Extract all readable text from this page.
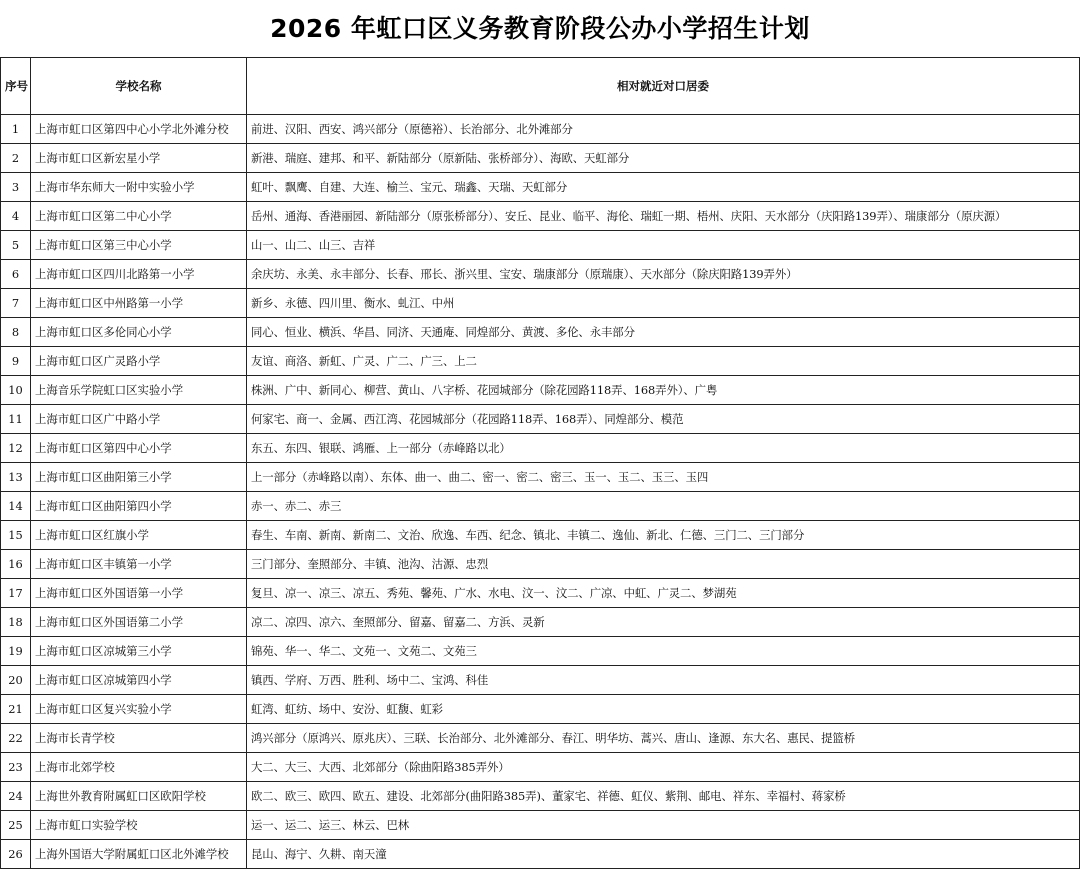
2026 年虹口区义务教育阶段公办小学招生计划
序号	学校名称	相对就近对口居委
1	上海市虹口区第四中心小学北外滩分校	前进、汉阳、西安、鸿兴部分（原德裕）、长治部分、北外滩部分
2	上海市虹口区新宏星小学	新港、瑞庭、建邦、和平、新陆部分（原新陆、张桥部分）、海欧、天虹部分
3	上海市华东师大一附中实验小学	虹叶、飘鹰、自建、大连、榆兰、宝元、瑞鑫、天瑞、天虹部分
4	上海市虹口区第二中心小学	岳州、通海、香港丽园、新陆部分（原张桥部分）、安丘、昆业、临平、海伦、瑞虹一期、梧州、庆阳、天水部分（庆阳路139弄）、瑞康部分（原庆源）
5	上海市虹口区第三中心小学	山一、山二、山三、吉祥
6	上海市虹口区四川北路第一小学	余庆坊、永美、永丰部分、长春、邢长、浙兴里、宝安、瑞康部分（原瑞康）、天水部分（除庆阳路139弄外）
7	上海市虹口区中州路第一小学	新乡、永德、四川里、衡水、虬江、中州
8	上海市虹口区多伦同心小学	同心、恒业、横浜、华昌、同济、天通庵、同煌部分、黄渡、多伦、永丰部分
9	上海市虹口区广灵路小学	友谊、商洛、新虹、广灵、广二、广三、上二
10	上海音乐学院虹口区实验小学	株洲、广中、新同心、柳营、黄山、八字桥、花园城部分（除花园路118弄、168弄外）、广粤
11	上海市虹口区广中路小学	何家宅、商一、金属、西江湾、花园城部分（花园路118弄、168弄）、同煌部分、模范
12	上海市虹口区第四中心小学	东五、东四、银联、鸿雁、上一部分（赤峰路以北）
13	上海市虹口区曲阳第三小学	上一部分（赤峰路以南）、东体、曲一、曲二、密一、密二、密三、玉一、玉二、玉三、玉四
14	上海市虹口区曲阳第四小学	赤一、赤二、赤三
15	上海市虹口区红旗小学	春生、车南、新南、新南二、文治、欣逸、车西、纪念、镇北、丰镇二、逸仙、新北、仁德、三门二、三门部分
16	上海市虹口区丰镇第一小学	三门部分、奎照部分、丰镇、池沟、沽源、忠烈
17	上海市虹口区外国语第一小学	复旦、凉一、凉三、凉五、秀苑、馨苑、广水、水电、汶一、汶二、广凉、中虹、广灵二、梦湖苑
18	上海市虹口区外国语第二小学	凉二、凉四、凉六、奎照部分、留嘉、留嘉二、方浜、灵新
19	上海市虹口区凉城第三小学	锦苑、华一、华二、文苑一、文苑二、文苑三
20	上海市虹口区凉城第四小学	镇西、学府、万西、胜利、场中二、宝鸿、科佳
21	上海市虹口区复兴实验小学	虹湾、虹纺、场中、安汾、虹馥、虹彩
22	上海市长青学校	鸿兴部分（原鸿兴、原兆庆）、三联、长治部分、北外滩部分、春江、明华坊、蒿兴、唐山、逢源、东大名、惠民、提篮桥
23	上海市北郊学校	大二、大三、大西、北郊部分（除曲阳路385弄外）
24	上海世外教育附属虹口区欧阳学校	欧二、欧三、欧四、欧五、建设、北郊部分(曲阳路385弄)、董家宅、祥德、虹仪、紫荆、邮电、祥东、幸福村、蒋家桥
25	上海市虹口实验学校	运一、运二、运三、林云、巴林
26	上海外国语大学附属虹口区北外滩学校	昆山、海宁、久耕、南天潼
